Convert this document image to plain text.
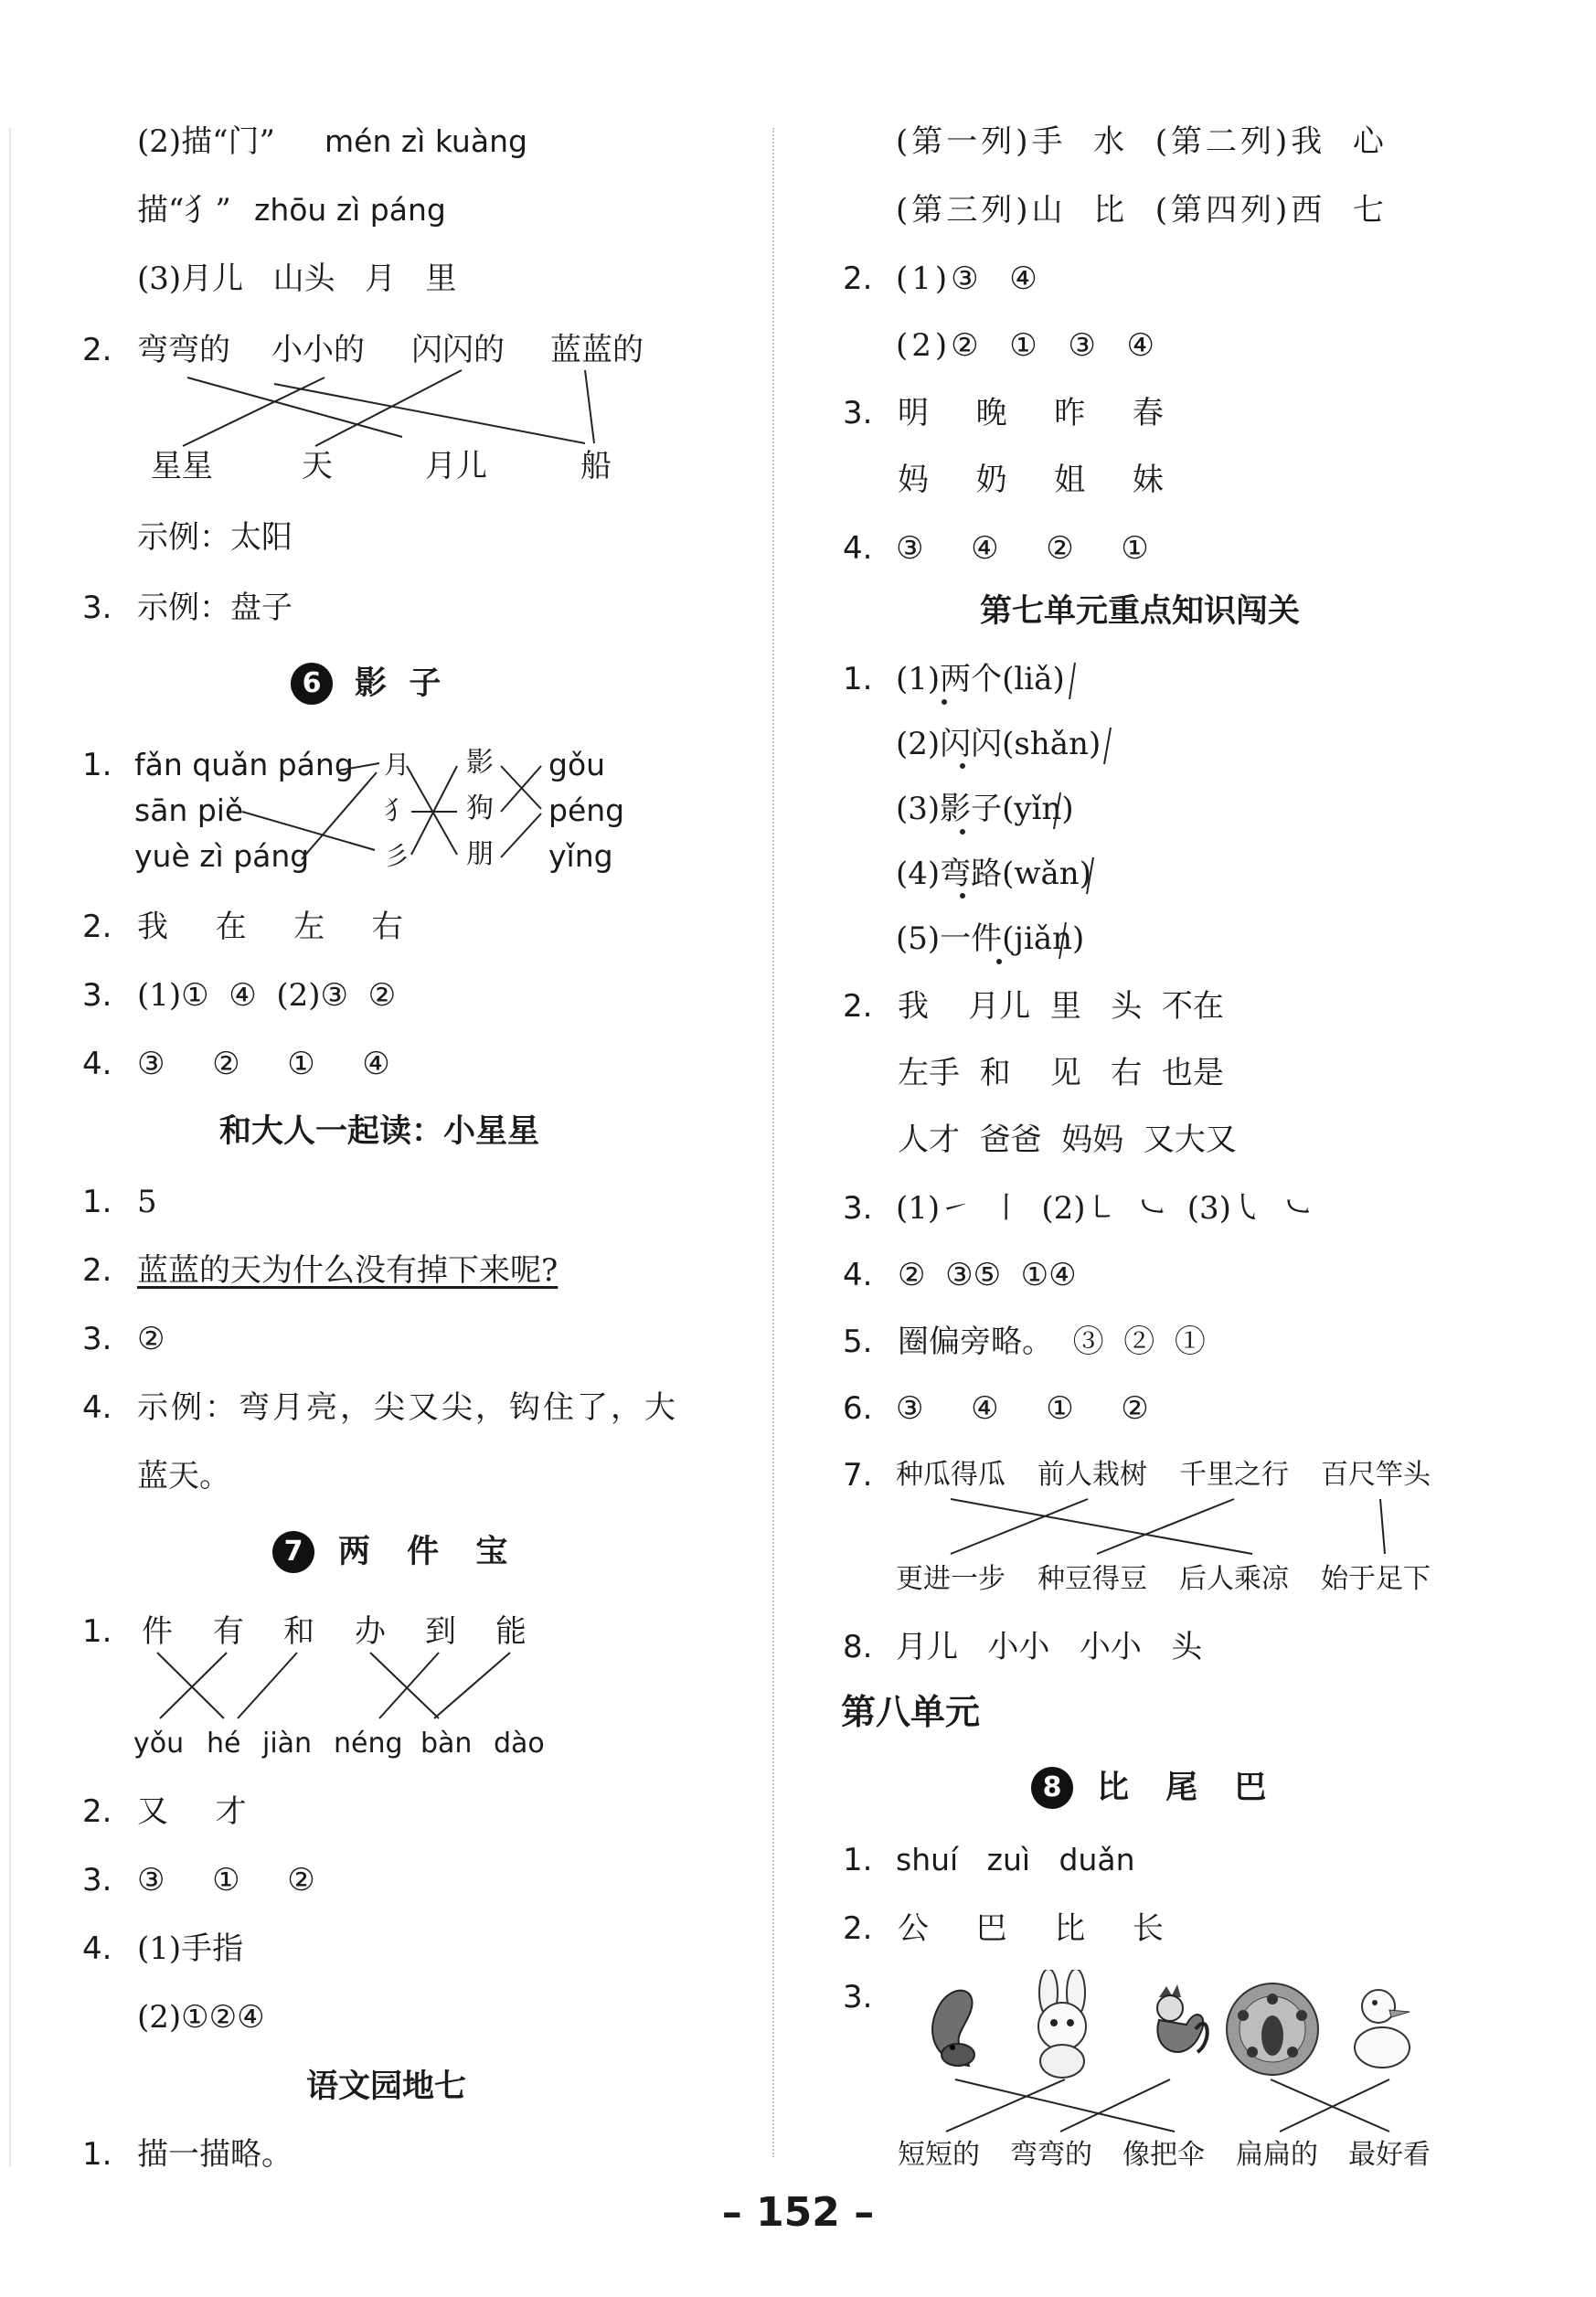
(2)描“门” mén zì kuàng
描“犭” zhōu zì páng
(3)月儿   山头   月   里
2. 弯弯的 小小的 闪闪的 蓝蓝的
星星	天	月儿	船
示例：太阳
3. 示例：盘子
6	影  子
1. fǎn quǎn páng
sān piě
yuè zì páng
月
犭
彡
影
狗
朋
gǒu
péng
yǐng
2. 我  在  左  右
3. (1)①  ④  (2)③  ②
4. ③  ②  ①  ④
和大人一起读：小星星
1. 5
2. 蓝蓝的天为什么没有掉下来呢?
3. ②
4. 示例：弯月亮，尖又尖，钩住了，大
蓝天。
7	两 件 宝
1. 件 有 和 办 到 能
yǒu hé jiàn néng bàn dào
2. 又  才
3. ③  ①  ②
4. (1)手指
(2)①②④
语文园地七
1. 描一描略。
(第一列)手  水  (第二列)我  心
(第三列)山  比  (第四列)西  七
2. (1)③  ④
(2)②  ①  ③  ④
3. 明  晚  昨  春
妈  奶  姐  妹
4. ③  ④  ②  ①
第七单元重点知识闯关
1. (1)两个(liǎ)
(2)闪闪(shǎn)
(3)影子(yǐn)
(4)弯路(wǎn)
(5)一件(jiǎn)
2. 我    月儿  里   头  不在
左手  和    见   右  也是
人才  爸爸  妈妈  又大又
3. (1)㇀  ㇑  (2)㇄  ㇃  (3)㇂  ㇃
4. ②  ③⑤  ①④
5. 圈偏旁略。  ③  ②  ①
6. ③  ④  ①  ②
7. 种瓜得瓜 前人栽树 千里之行 百尺竿头
更进一步 种豆得豆 后人乘凉 始于足下
8. 月儿   小小   小小   头
第八单元
8	比 尾 巴
1. shuí   zuì   duǎn
2. 公  巴  比  长
3.
短短的 弯弯的 像把伞 扁扁的 最好看
– 152 –
